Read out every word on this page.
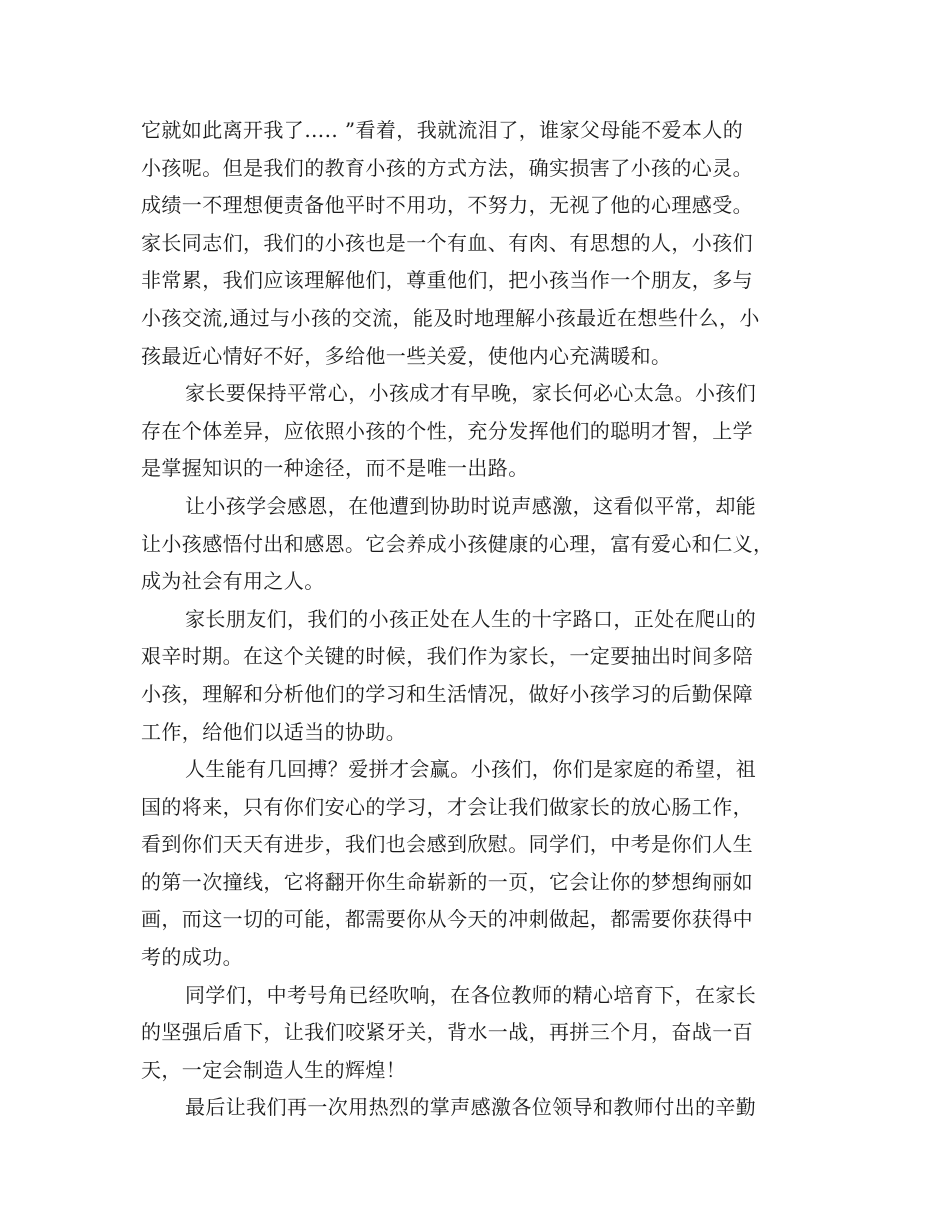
它就如此离开我了….. ”看着，我就流泪了，谁家父母能不爱本人的
小孩呢。但是我们的教育小孩的方式方法，确实损害了小孩的心灵。
成绩一不理想便责备他平时不用功，不努力，无视了他的心理感受。
家长同志们，我们的小孩也是一个有血、有肉、有思想的人，小孩们
非常累，我们应该理解他们，尊重他们，把小孩当作一个朋友，多与
小孩交流,通过与小孩的交流，能及时地理解小孩最近在想些什么，小
孩最近心情好不好，多给他一些关爱，使他内心充满暖和。

家长要保持平常心，小孩成才有早晚，家长何必心太急。小孩们
存在个体差异，应依照小孩的个性，充分发挥他们的聪明才智，上学
是掌握知识的一种途径，而不是唯一出路。

让小孩学会感恩，在他遭到协助时说声感激，这看似平常，却能
让小孩感悟付出和感恩。它会养成小孩健康的心理，富有爱心和仁义，
成为社会有用之人。

家长朋友们，我们的小孩正处在人生的十字路口，正处在爬山的
艰辛时期。在这个关键的时候，我们作为家长，一定要抽出时间多陪
小孩，理解和分析他们的学习和生活情况，做好小孩学习的后勤保障
工作，给他们以适当的协助。

人生能有几回搏？爱拼才会赢。小孩们，你们是家庭的希望，祖
国的将来，只有你们安心的学习，才会让我们做家长的放心肠工作，
看到你们天天有进步，我们也会感到欣慰。同学们，中考是你们人生
的第一次撞线，它将翻开你生命崭新的一页，它会让你的梦想绚丽如
画，而这一切的可能，都需要你从今天的冲刺做起，都需要你获得中
考的成功。

同学们，中考号角已经吹响，在各位教师的精心培育下，在家长
的坚强后盾下，让我们咬紧牙关，背水一战，再拼三个月，奋战一百
天，一定会制造人生的辉煌！

最后让我们再一次用热烈的掌声感激各位领导和教师付出的辛勤
